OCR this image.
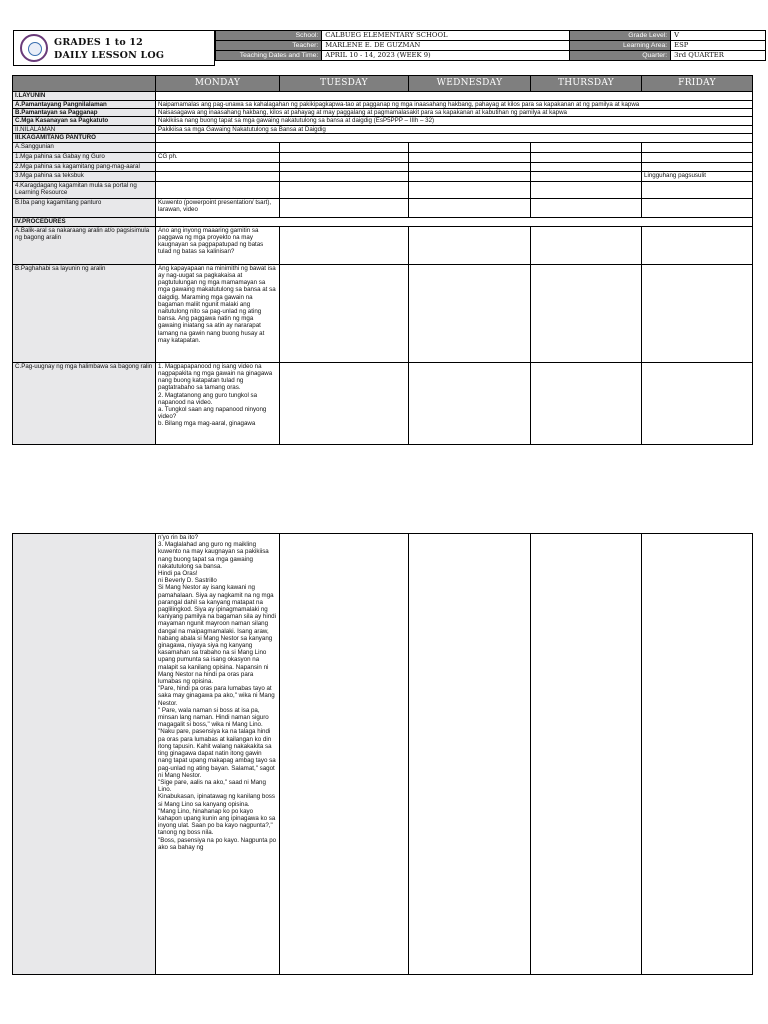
GRADES 1 to 12
DAILY LESSON LOG
School:	CALBUEG ELEMENTARY SCHOOL	Grade Level:	V
Teacher:	MARLENE E. DE GUZMAN	Learning Area:	ESP
Teaching Dates and Time:	APRIL 10 - 14, 2023 (WEEK 9)	Quarter:	3rd QUARTER
	MONDAY	TUESDAY	WEDNESDAY	THURSDAY	FRIDAY
I.LAYUNIN					
A.Pamantayang Pangnilalaman	Naipamamalas ang pag-unawa sa kahalagahan ng pakikipagkapwa-tao at pagganap ng mga inaasahang hakbang, pahayag at kilos para sa kapakanan at ng pamilya at kapwa				
B.Pamantayan sa Pagganap	Naisasagawa ang inaasahang hakbang, kilos at pahayag at may paggalang at pagmamalasakit para sa kapakanan at kabutihan ng pamilya at kapwa				
C.Mga Kasanayan sa Pagkatuto	Nakikiisa nang buong tapat sa mga gawaing nakatutulong sa bansa at daigdig (EsP5PPP – IIIh – 32)				
II.NILALAMAN	Pakikiisa sa mga Gawaing Nakatutulong sa Bansa at Daigdig				
III.KAGAMITANG PANTURO					
A.Sanggunian					
1.Mga pahina sa Gabay ng Guro	CG ph.				
2.Mga pahina sa kagamitang pang-mag-aaral					
3.Mga pahina sa teksbuk					Lingguhang pagsusulit
4.Karagdagang kagamitan mula sa portal ng Learning Resource					
B.Iba pang kagamitang panturo	Kuwento (powerpoint presentation/ tsart), larawan, video				
IV.PROCEDURES					
A.Balik-aral sa nakaraang aralin at/o pagsisimula ng bagong aralin	Ano ang inyong maaaring gamitin sa paggawa ng mga proyekto na may kaugnayan sa pagpapatupad ng batas tulad ng batas sa kalinisan?				
B.Paghahabi sa layunin ng aralin	Ang kapayapaan na minimithi ng bawat isa ay nag-uugat sa pagkakaisa at pagtutulungan ng mga mamamayan sa mga gawaing makatutulong sa bansa at sa daigdig. Maraming mga gawain na bagaman maliit ngunit malaki ang naitutulong nito sa pag-unlad ng ating bansa. Ang paggawa natin ng mga gawaing iniatang sa atin ay nararapat lamang na gawin nang buong husay at may katapatan.				
C.Pag-uugnay ng mga halimbawa sa bagong ralin	1. Magpapapanood ng isang video na nagpapakita ng mga gawain na ginagawa nang buong katapatan tulad ng pagtatrabaho sa tamang oras.
2. Magtatanong ang guro tungkol sa napanood na video.
a. Tungkol saan ang napanood ninyong video?
b. Bilang mga mag-aaral, ginagawa				
	n'yo rin ba ito?
3. Maglalahad ang guro ng maikling kuwento na may kaugnayan sa pakikiisa nang buong tapat sa mga gawaing nakatutulong sa bansa.
Hindi pa Oras!
ni Beverly D. Sastrillo
Si Mang Nestor ay isang kawani ng pamahalaan. Siya ay nagkamit na ng mga parangal dahil sa kanyang matapat na paglilingkod. Siya ay ipinagmamalaki ng kaniyang pamilya na bagaman sila ay hindi mayaman ngunit mayroon naman silang dangal na maipagmamalaki. Isang araw, habang abala si Mang Nestor sa kanyang ginagawa, niyaya siya ng kanyang kasamahan sa trabaho na si Mang Lino upang pumunta sa isang okasyon na malapit sa kanilang opisina. Napansin ni Mang Nestor na hindi pa oras para lumabas ng opisina.
"Pare, hindi pa oras para lumabas tayo at saka may ginagawa pa ako," wika ni Mang Nestor.
" Pare, wala naman si boss at isa pa, minsan lang naman. Hindi naman siguro magagalit si boss," wika ni Mang Lino.
"Naku pare, pasensiya ka na talaga hindi pa oras para lumabas at kailangan ko din itong tapusin. Kahit walang nakakakita sa ting ginagawa dapat natin itong gawin nang tapat upang makapag ambag tayo sa pag-unlad ng ating bayan. Salamat," sagot ni Mang Nestor.
"Sige pare, aalis na ako," saad ni Mang Lino.
Kinabukasan, ipinatawag ng kanilang boss si Mang Lino sa kanyang opisina.
"Mang Lino, hinahanap ko po kayo kahapon upang kunin ang ipinagawa ko sa inyong ulat. Saan po ba kayo nagpunta?," tanong ng boss nila.
"Boss, pasensiya na po kayo. Nagpunta po ako sa bahay ng				
